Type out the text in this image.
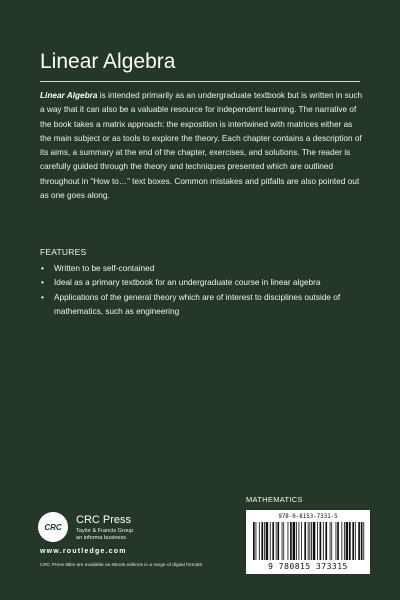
Linear Algebra

Linear Algebra is intended primarily as an undergraduate textbook but is written in such a way that it can also be a valuable resource for independent learning. The narrative of the book takes a matrix approach: the exposition is intertwined with matrices either as the main subject or as tools to explore the theory. Each chapter contains a description of its aims, a summary at the end of the chapter, exercises, and solutions. The reader is carefully guided through the theory and techniques presented which are outlined throughout in “How to…” text boxes. Common mistakes and pitfalls are also pointed out as one goes along.

FEATURES
• Written to be self-contained
• Ideal as a primary textbook for an undergraduate course in linear algebra
• Applications of the general theory which are of interest to disciplines outside of mathematics, such as engineering
MATHEMATICS
978-0-8153-7331-5
9 780815 373315
CRC
CRC Press
Taylor & Francis Group
an informa business
www.routledge.com
CRC Press titles are available as eBook editions in a range of digital formats
